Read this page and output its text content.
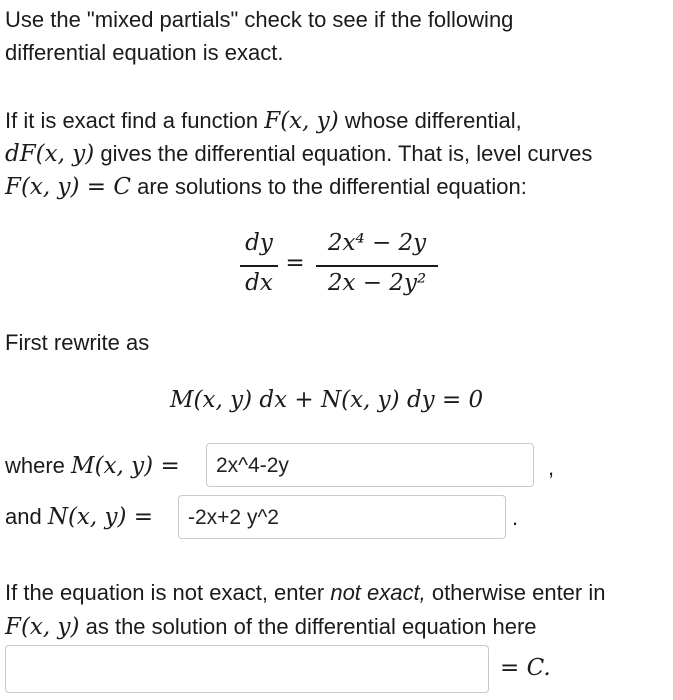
Use the "mixed partials" check to see if the following
differential equation is exact.
If it is exact find a function F(x, y) whose differential,
dF(x, y) gives the differential equation. That is, level curves
F(x, y) = C are solutions to the differential equation:
dy
dx
=
2x⁴ − 2y
2x − 2y²
First rewrite as
M(x, y) dx + N(x, y) dy = 0
where M(x, y) =	2x^4-2y	,
and N(x, y) =	-2x+2 y^2	.
If the equation is not exact, enter not exact, otherwise enter in
F(x, y) as the solution of the differential equation here
= C.
